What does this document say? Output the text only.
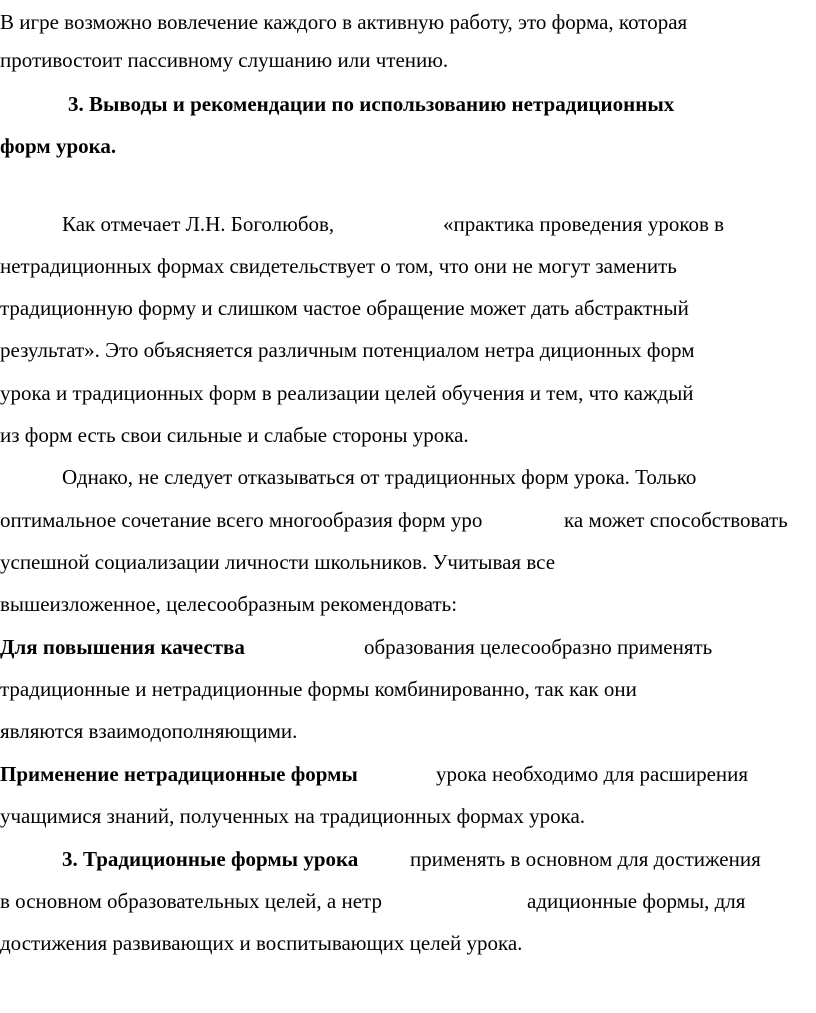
В игре возможно вовлечение каждого в активную работу, это форма, которая
противостоит пассивному слушанию или чтению.
3. Выводы и рекомендации по использованию нетрадиционных
форм урока.
Как отмечает Л.Н. Боголюбов,	«практика проведения уроков в
нетрадиционных формах свидетельствует о том, что они не могут заменить
традиционную форму и слишком частое обращение может дать абстрактный
результат». Это объясняется различным потенциалом нетра диционных форм
урока и традиционных форм в реализации целей обучения и тем, что каждый
из форм есть свои сильные и слабые стороны урока.
Однако, не следует отказываться от традиционных форм урока. Только
оптимальное сочетание всего многообразия форм уро	ка может способствовать
успешной социализации личности школьников. Учитывая все
вышеизложенное, целесообразным рекомендовать:
Для повышения качества	образования целесообразно применять
традиционные и нетрадиционные формы комбинированно, так как они
являются взаимодополняющими.
Применение нетрадиционные формы	урока необходимо для расширения
учащимися знаний, полученных на традиционных формах урока.
3. Традиционные формы урока применять в основном для достижения
в основном образовательных целей, а нетр	адиционные формы, для
достижения развивающих и воспитывающих целей урока.
